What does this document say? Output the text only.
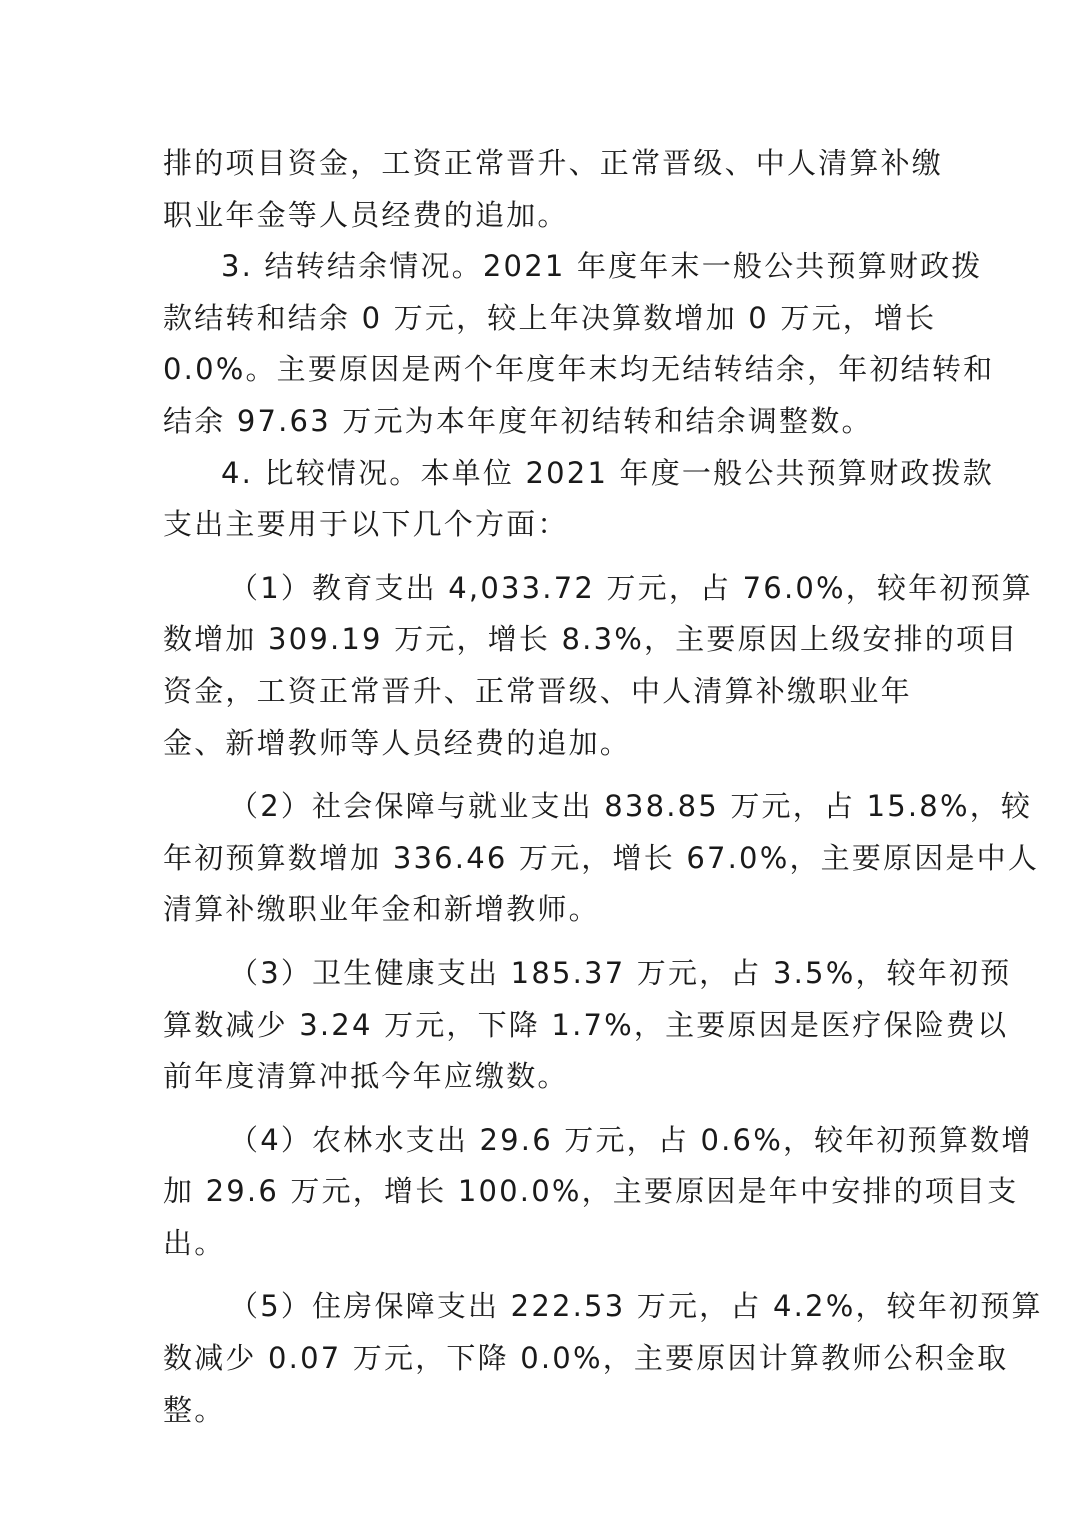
排的项目资金，工资正常晋升、正常晋级、中人清算补缴
职业年金等人员经费的追加。
3. 结转结余情况。2021 年度年末一般公共预算财政拨
款结转和结余 0 万元，较上年决算数增加 0 万元，增长
0.0%。主要原因是两个年度年末均无结转结余，年初结转和
结余 97.63 万元为本年度年初结转和结余调整数。
4. 比较情况。本单位 2021 年度一般公共预算财政拨款
支出主要用于以下几个方面：
（1）教育支出 4,033.72 万元，占 76.0%，较年初预算
数增加 309.19 万元，增长 8.3%，主要原因上级安排的项目
资金，工资正常晋升、正常晋级、中人清算补缴职业年
金、新增教师等人员经费的追加。
（2）社会保障与就业支出 838.85 万元，占 15.8%，较
年初预算数增加 336.46 万元，增长 67.0%，主要原因是中人
清算补缴职业年金和新增教师。
（3）卫生健康支出 185.37 万元，占 3.5%，较年初预
算数减少 3.24 万元，下降 1.7%，主要原因是医疗保险费以
前年度清算冲抵今年应缴数。
（4）农林水支出 29.6 万元，占 0.6%，较年初预算数增
加 29.6 万元，增长 100.0%，主要原因是年中安排的项目支
出。
（5）住房保障支出 222.53 万元，占 4.2%，较年初预算
数减少 0.07 万元，下降 0.0%，主要原因计算教师公积金取
整。
